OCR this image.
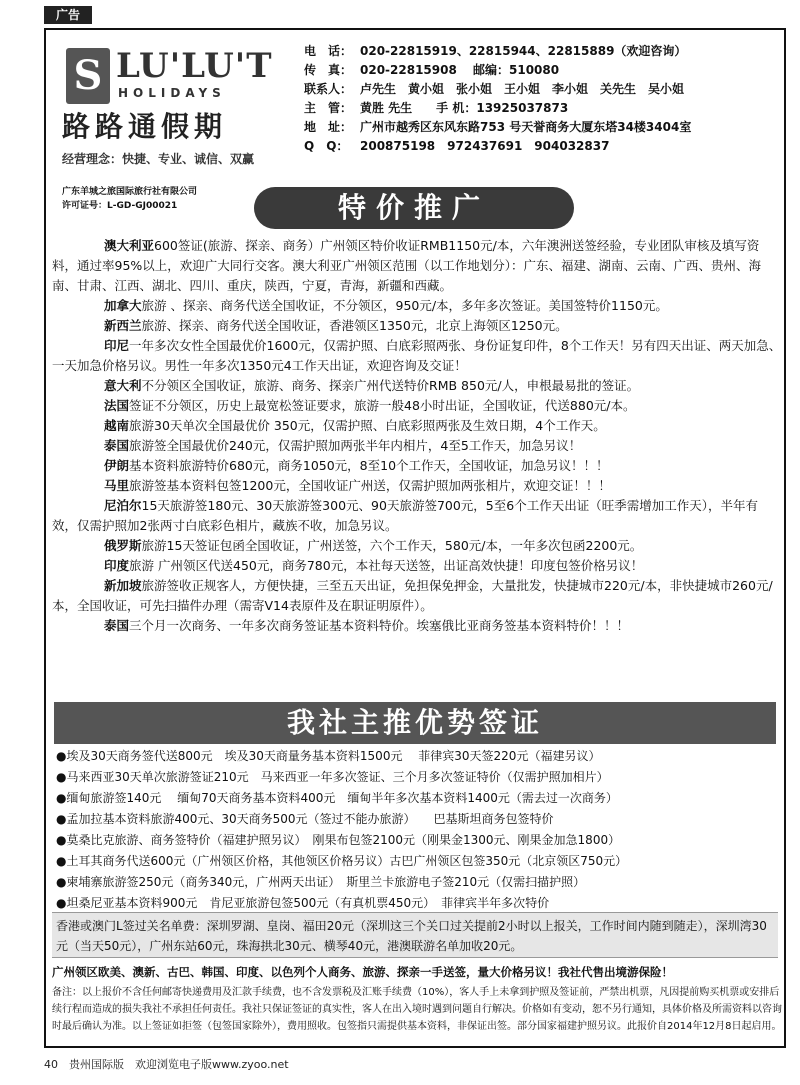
广告
S LU'LU'T
HOLIDAYS
路路通假期
经营理念：快捷、专业、诚信、双赢
广东羊城之旅国际旅行社有限公司
许可证号：L-GD-GJ00021
电　话： 020-22815919、22815944、22815889（欢迎咨询）
传　真： 020-22815908　 邮编：510080
联系人： 卢先生　黄小姐　张小姐　王小姐　李小姐　关先生　吴小姐
主　管： 黄胜 先生　　手 机：13925037873
地　址： 广州市越秀区东风东路753 号天誉商务大厦东塔34楼3404室
Q　Q： 200875198　972437691　904032837
特价推广

澳大利亚600签证(旅游、探亲、商务）广州领区特价收证RMB1150元/本，六年澳洲送签经验，专业团队审核及填写资料，通过率95%以上，欢迎广大同行交客。澳大利亚广州领区范围（以工作地划分）：广东、福建、湖南、云南、广西、贵州、海南、甘肃、江西、湖北、四川、重庆，陕西，宁夏，青海，新疆和西藏。

加拿大旅游 、探亲、商务代送全国收证，不分领区，950元/本，多年多次签证。美国签特价1150元。

新西兰旅游、探亲、商务代送全国收证，香港领区1350元，北京上海领区1250元。

印尼一年多次女性全国最优价1600元，仅需护照、白底彩照两张、身份证复印件，8个工作天！另有四天出证、两天加急、一天加急价格另议。男性一年多次1350元4工作天出证，欢迎咨询及交证！

意大利不分领区全国收证，旅游、商务、探亲广州代送特价RMB 850元/人，申根最易批的签证。

法国签证不分领区，历史上最宽松签证要求，旅游一般48小时出证，全国收证，代送880元/本。

越南旅游30天单次全国最优价 350元，仅需护照、白底彩照两张及生效日期，4个工作天。

泰国旅游签全国最优价240元，仅需护照加两张半年内相片，4至5工作天，加急另议！

伊朗基本资料旅游特价680元，商务1050元，8至10个工作天，全国收证，加急另议！！！

马里旅游签基本资料包签1200元，全国收证广州送，仅需护照加两张相片，欢迎交证！！！

尼泊尔15天旅游签180元、30天旅游签300元、90天旅游签700元，5至6个工作天出证（旺季需增加工作天），半年有效，仅需护照加2张两寸白底彩色相片，藏族不收，加急另议。

俄罗斯旅游15天签证包函全国收证，广州送签，六个工作天，580元/本，一年多次包函2200元。

印度旅游 广州领区代送450元，商务780元，本社每天送签，出证高效快捷！印度包签价格另议！

新加坡旅游签收正规客人，方便快捷，三至五天出证，免担保免押金，大量批发，快捷城市220元/本，非快捷城市260元/本，全国收证，可先扫描件办理（需寄V14表原件及在职证明原件）。

泰国三个月一次商务、一年多次商务签证基本资料特价。埃塞俄比亚商务签基本资料特价！！！

我社主推优势签证

●埃及30天商务签代送800元　埃及30天商量务基本资料1500元　 菲律宾30天签220元（福建另议）

●马来西亚30天单次旅游签证210元　马来西亚一年多次签证、三个月多次签证特价（仅需护照加相片）

●缅甸旅游签140元　 缅甸70天商务基本资料400元　缅甸半年多次基本资料1400元（需去过一次商务）

●孟加拉基本资料旅游400元、30天商务500元（签过不能办旅游）　　巴基斯坦商务包签特价

●莫桑比克旅游、商务签特价（福建护照另议）　刚果布包签2100元（刚果金1300元、刚果金加急1800）

●土耳其商务代送600元（广州领区价格，其他领区价格另议）古巴广州领区包签350元（北京领区750元）

●柬埔寨旅游签250元（商务340元，广州两天出证）　斯里兰卡旅游电子签210元（仅需扫描护照）

●坦桑尼亚基本资料900元　肯尼亚旅游包签500元（有真机票450元）　菲律宾半年多次特价

香港或澳门L签过关名单费：深圳罗湖、皇岗、福田20元（深圳这三个关口过关提前2小时以上报关，工作时间内随到随走），深圳湾30元（当天50元），广州东站60元，珠海拱北30元、横琴40元，港澳联游名单加收20元。
广州领区欧美、澳新、古巴、韩国、印度、以色列个人商务、旅游、探亲一手送签，量大价格另议！我社代售出境游保险！
备注：以上报价不含任何邮寄快递费用及汇款手续费，也不含发票税及汇账手续费（10%），客人手上未拿到护照及签证前，严禁出机票，凡因提前购买机票或安排后续行程而造成的损失我社不承担任何责任。我社只保证签证的真实性，客人在出入境时遇到问题自行解决。价格如有变动，恕不另行通知，具体价格及所需资料以咨询时最后确认为准。以上签证如拒签（包签国家除外），费用照收。包签指只需提供基本资料，非保证出签。部分国家福建护照另议。此报价自2014年12月8日起启用。
40　贵州国际版　欢迎浏览电子版www.zyoo.net
